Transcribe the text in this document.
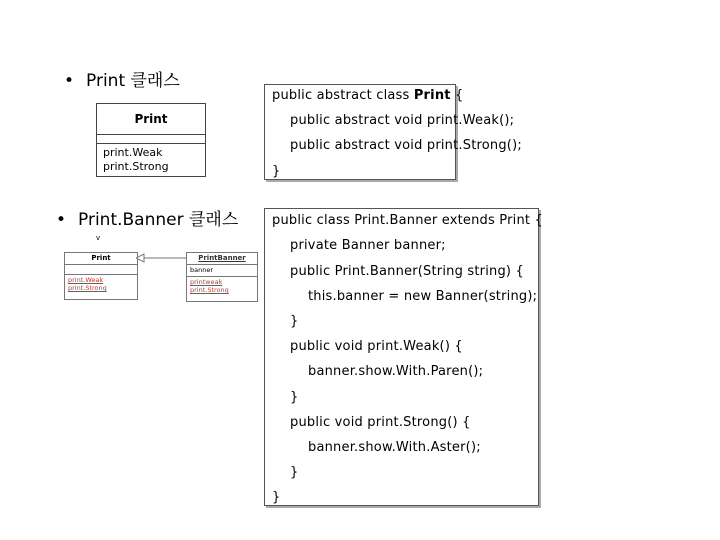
• Print 클래스
• Print.Banner 클래스
Print
print.Weak
print.Strong
v
Print
print.Weak
print.Strong
PrintBanner
banner
printweak
print.Strong
public abstract class Print {
public abstract void print.Weak();
public abstract void print.Strong();
}
public class Print.Banner extends Print {
private Banner banner;
public Print.Banner(String string) {
this.banner = new Banner(string);
}
public void print.Weak() {
banner.show.With.Paren();
}
public void print.Strong() {
banner.show.With.Aster();
}
}
